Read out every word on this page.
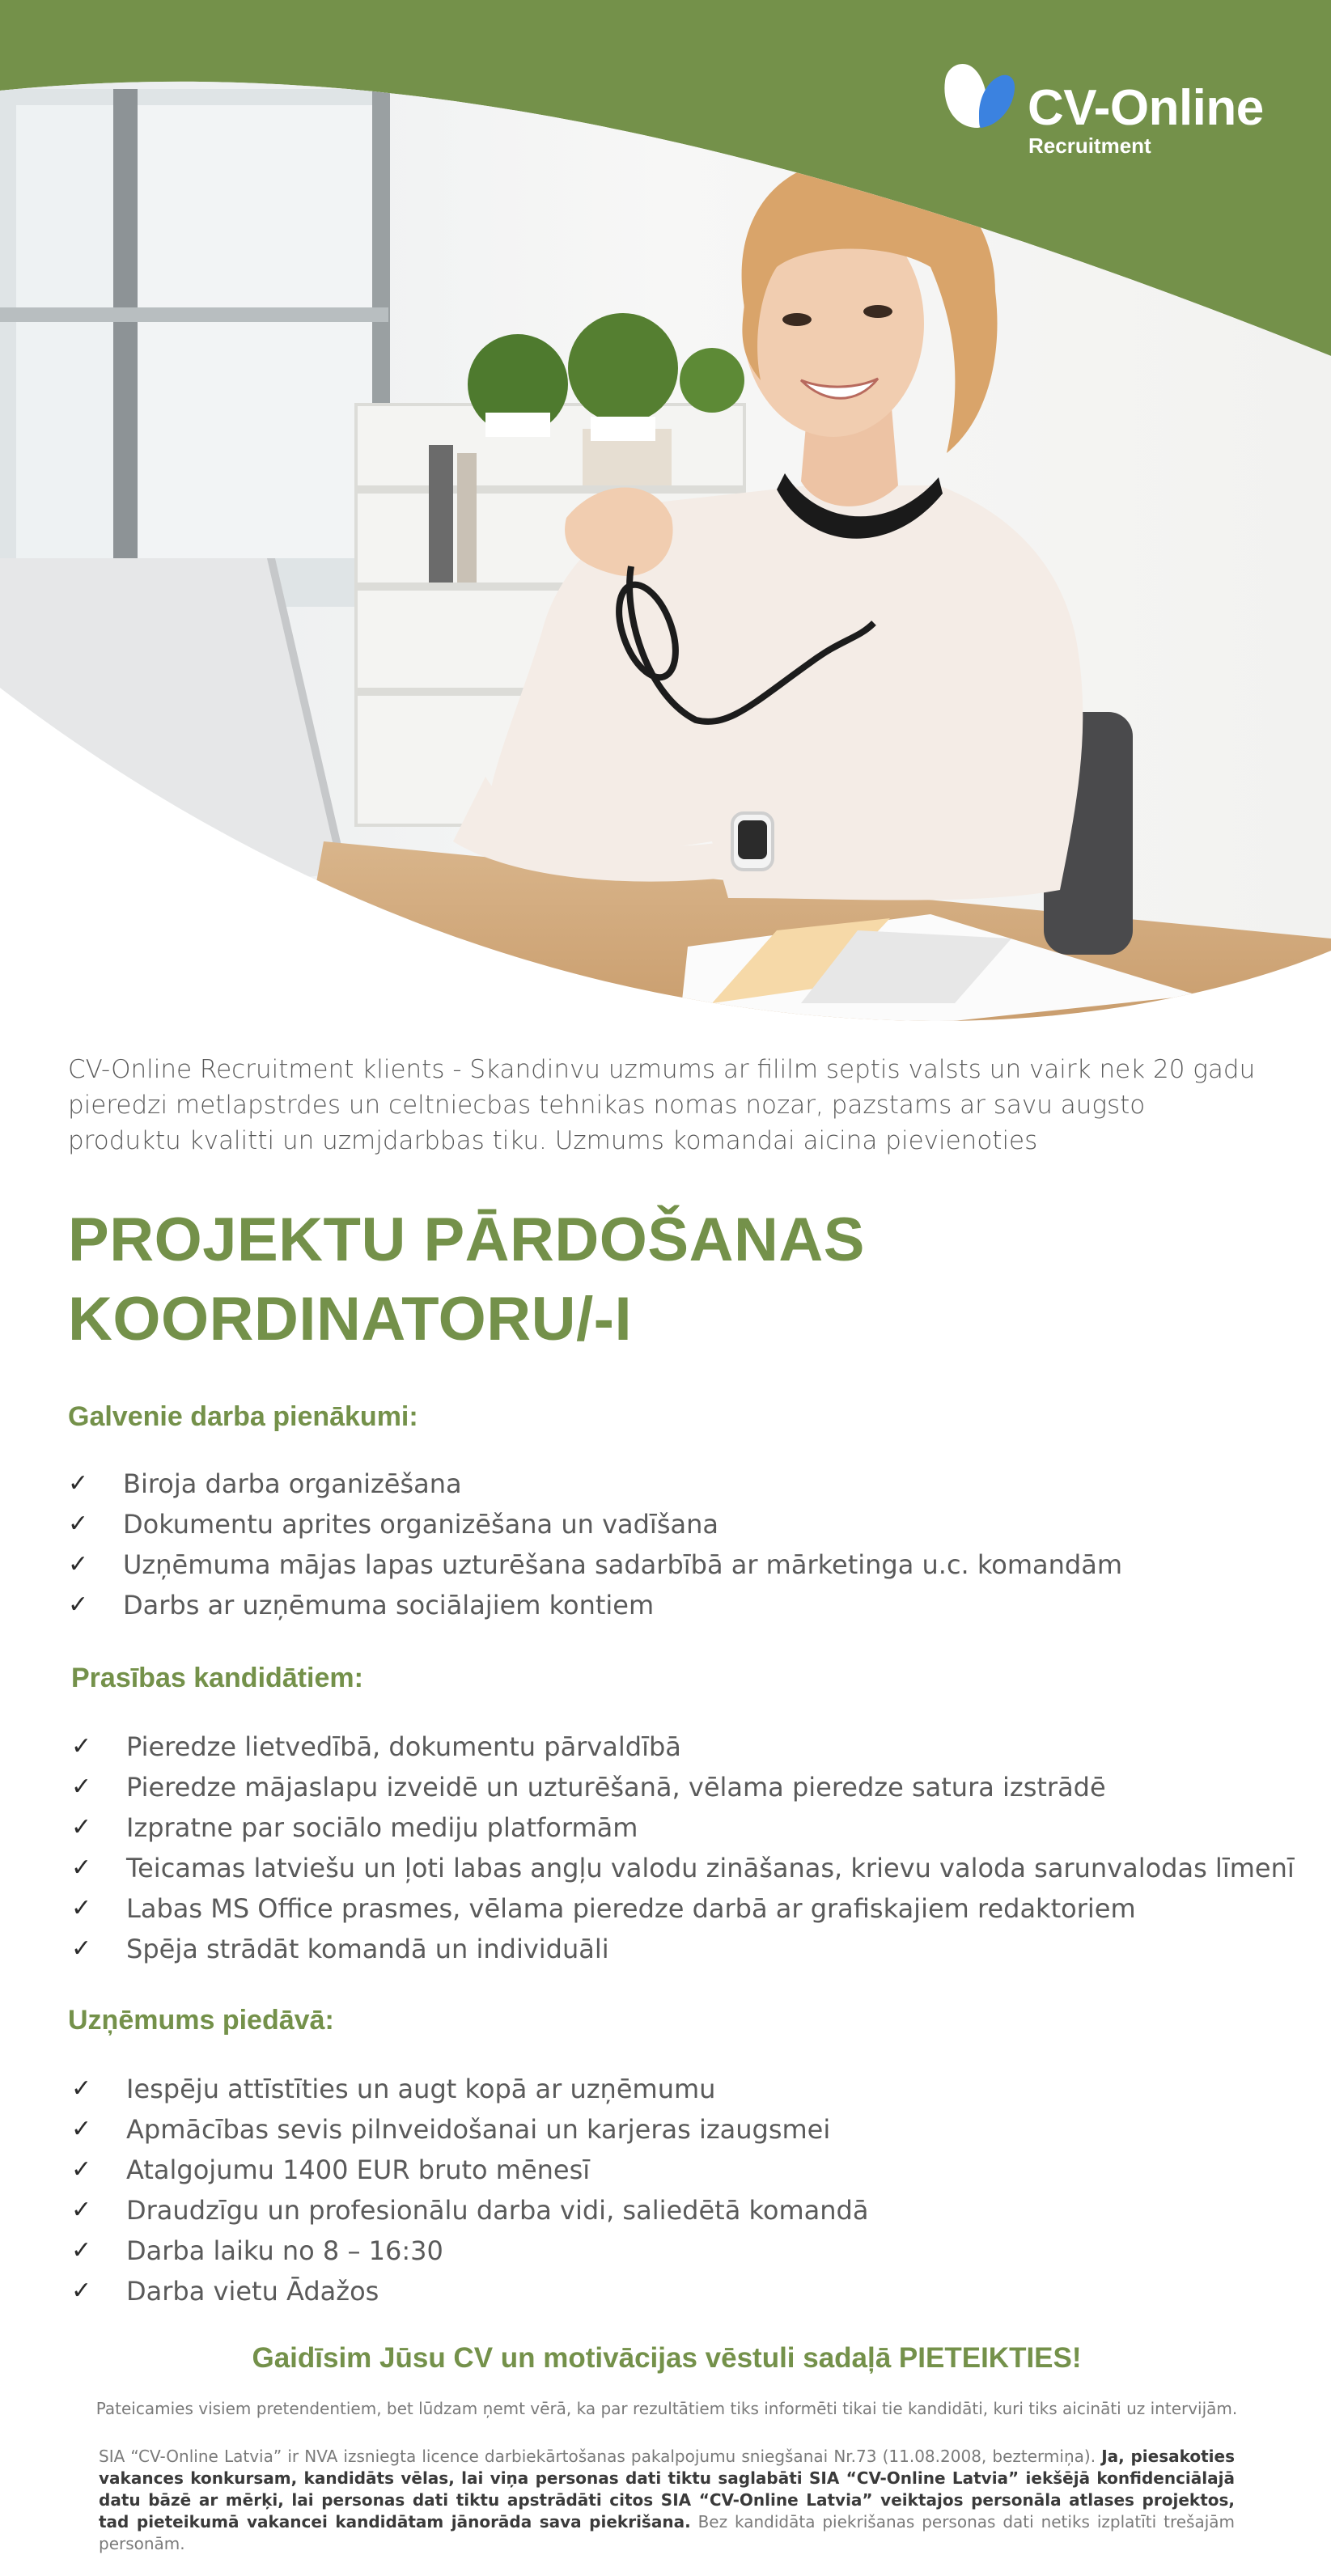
CV-Online
Recruitment

CV-Online Recruitment klients - Skandinvu uzmums ar fililm septis valsts un vairk nek 20 gadu pieredzi metlapstrdes un celtniecbas tehnikas nomas nozar, pazstams ar savu augsto produktu kvalitti un uzmjdarbbas tiku. Uzmums komandai aicina pievienoties

PROJEKTU PĀRDOŠANAS
KOORDINATORU/-I
Galvenie darba pienākumi:
✓ Biroja darba organizēšana
✓ Dokumentu aprites organizēšana un vadīšana
✓ Uzņēmuma mājas lapas uzturēšana sadarbībā ar mārketinga u.c. komandām
✓ Darbs ar uzņēmuma sociālajiem kontiem
Prasības kandidātiem:
✓ Pieredze lietvedībā, dokumentu pārvaldībā
✓ Pieredze mājaslapu izveidē un uzturēšanā, vēlama pieredze satura izstrādē
✓ Izpratne par sociālo mediju platformām
✓ Teicamas latviešu un ļoti labas angļu valodu zināšanas, krievu valoda sarunvalodas līmenī
✓ Labas MS Office prasmes, vēlama pieredze darbā ar grafiskajiem redaktoriem
✓ Spēja strādāt komandā un individuāli
Uzņēmums piedāvā:
✓ Iespēju attīstīties un augt kopā ar uzņēmumu
✓ Apmācības sevis pilnveidošanai un karjeras izaugsmei
✓ Atalgojumu 1400 EUR bruto mēnesī
✓ Draudzīgu un profesionālu darba vidi, saliedētā komandā
✓ Darba laiku no 8 – 16:30
✓ Darba vietu Ādažos

Gaidīsim Jūsu CV un motivācijas vēstuli sadaļā PIETEIKTIES!

Pateicamies visiem pretendentiem, bet lūdzam ņemt vērā, ka par rezultātiem tiks informēti tikai tie kandidāti, kuri tiks aicināti uz intervijām.

SIA “CV-Online Latvia” ir NVA izsniegta licence darbiekārtošanas pakalpojumu sniegšanai Nr.73 (11.08.2008, beztermiņa). Ja, piesakoties vakances konkursam, kandidāts vēlas, lai viņa personas dati tiktu saglabāti SIA “CV-Online Latvia” iekšējā konfidenciālajā datu bāzē ar mērķi, lai personas dati tiktu apstrādāti citos SIA “CV-Online Latvia” veiktajos personāla atlases projektos, tad pieteikumā vakancei kandidātam jānorāda sava piekrišana. Bez kandidāta piekrišanas personas dati netiks izplatīti trešajām personām.
